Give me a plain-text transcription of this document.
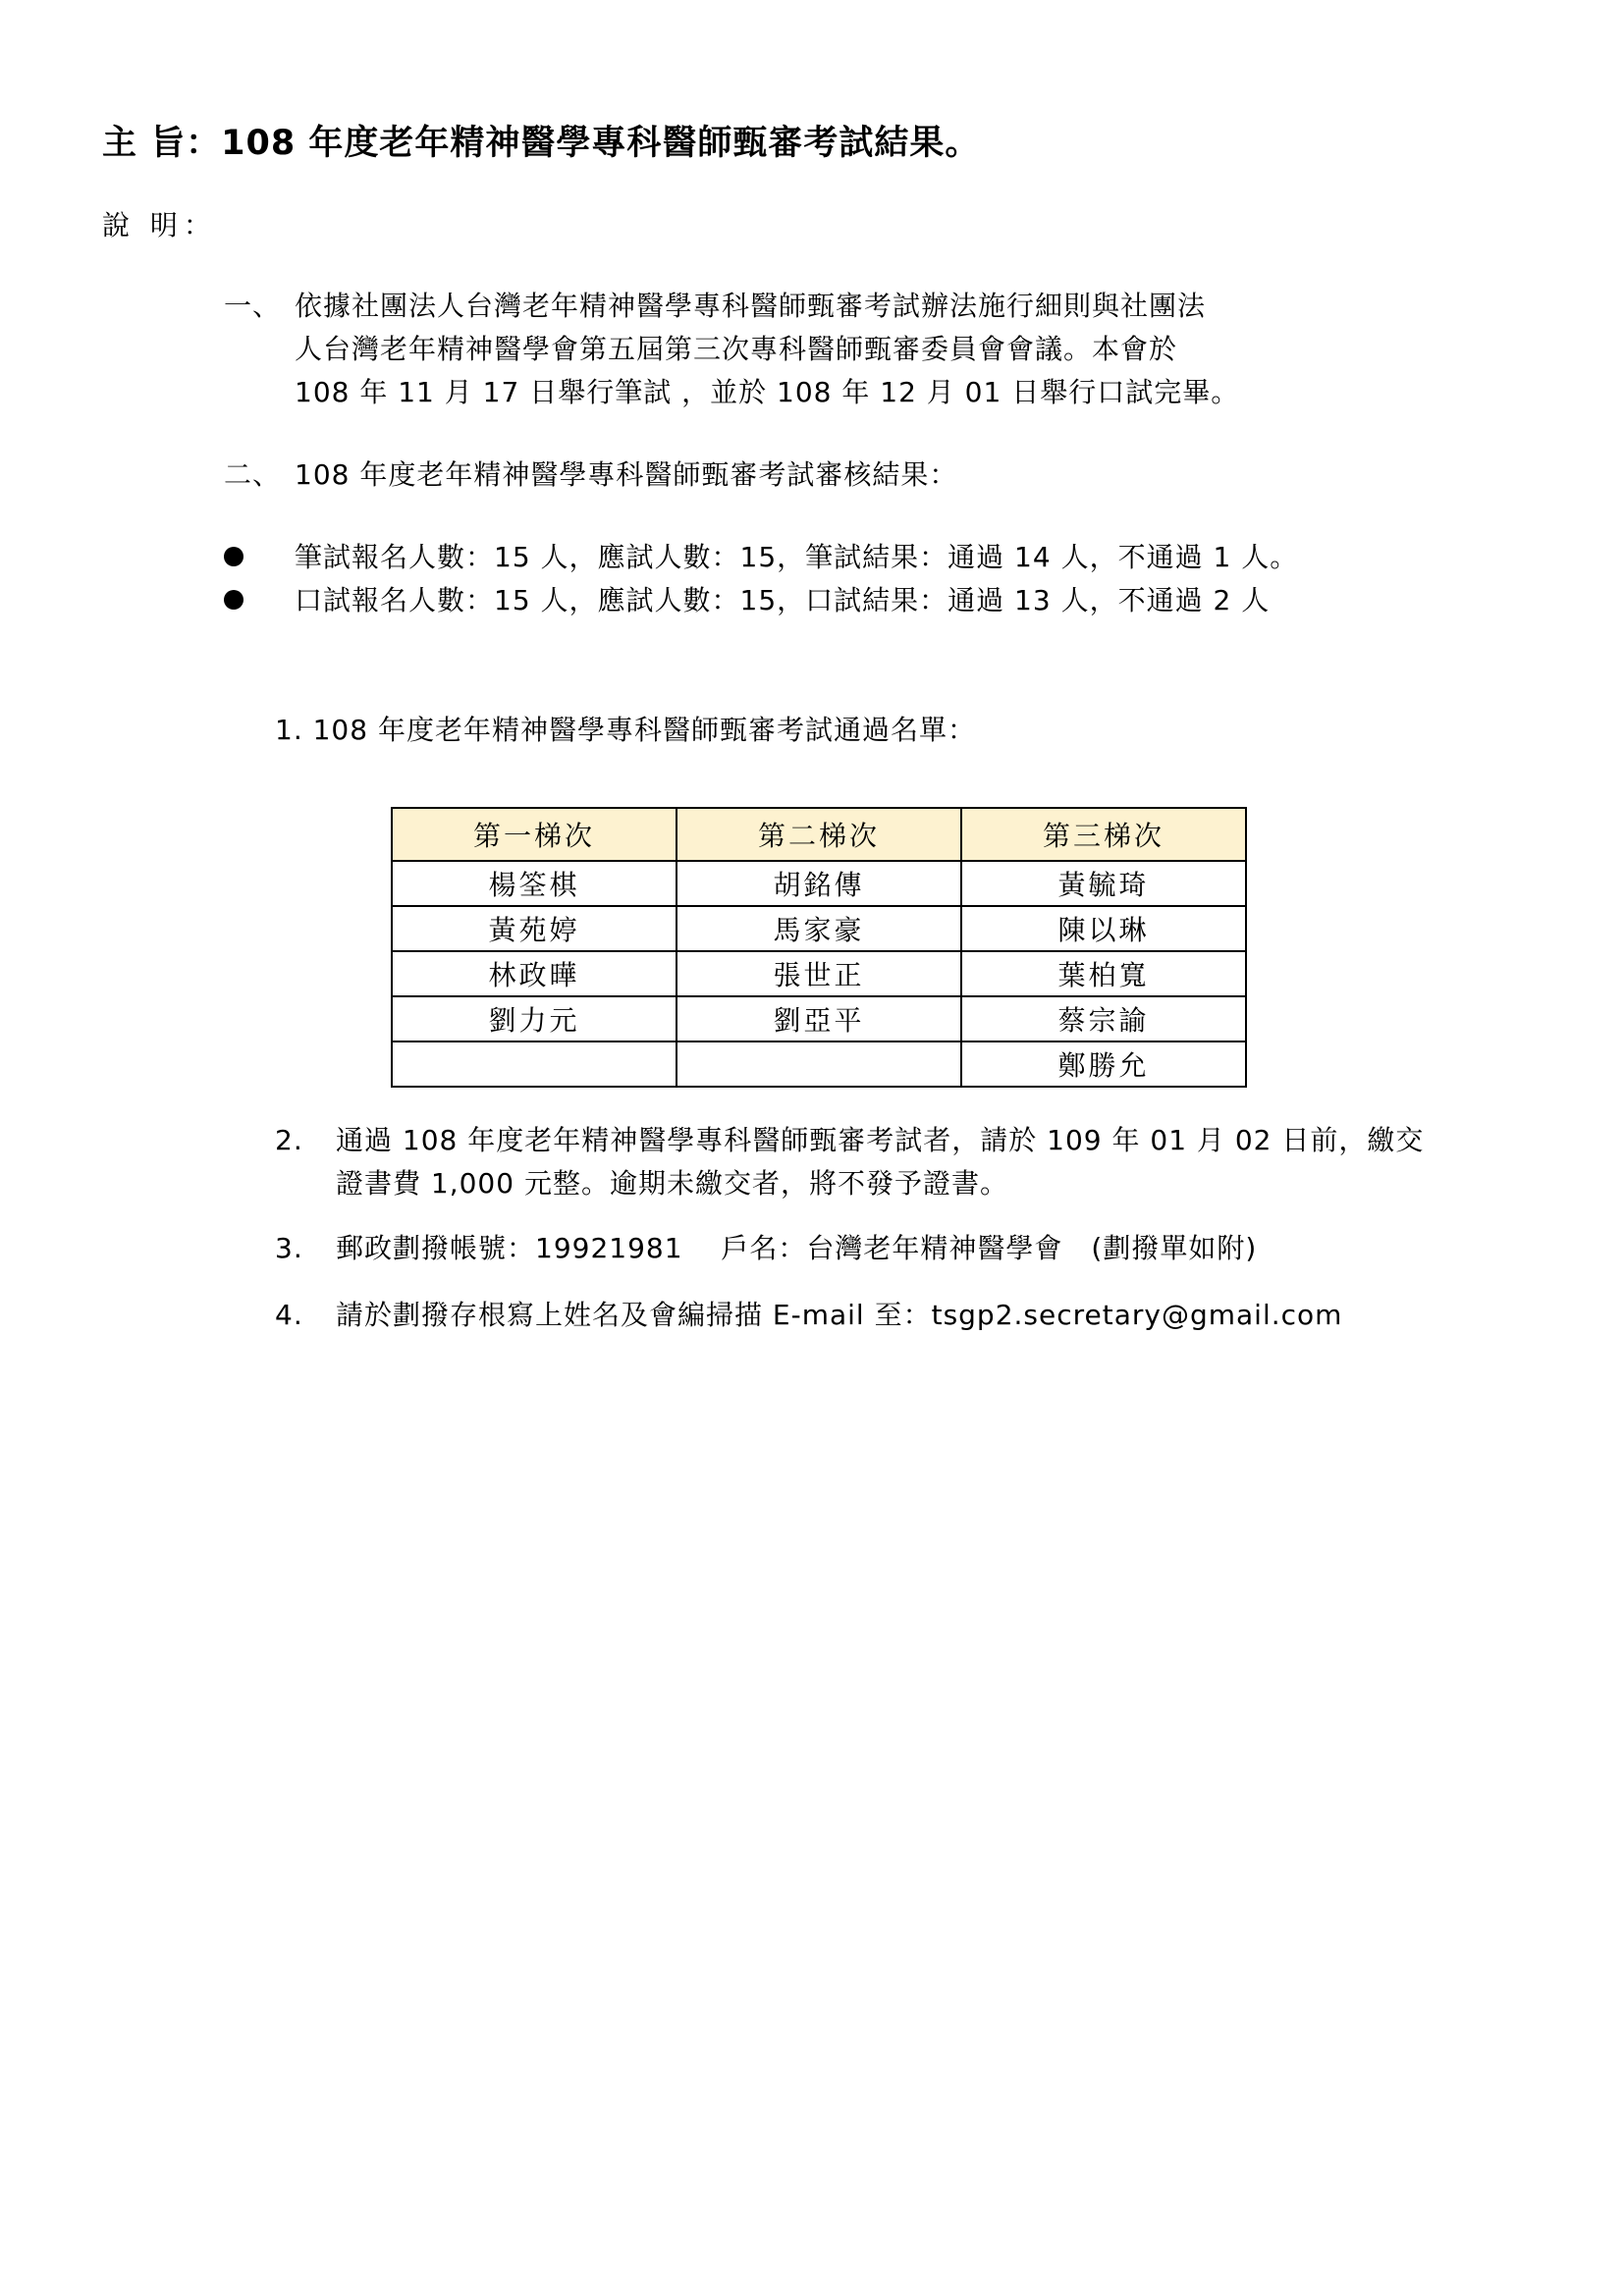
主 旨：108 年度老年精神醫學專科醫師甄審考試結果。
說 明：
一、 依據社團法人台灣老年精神醫學專科醫師甄審考試辦法施行細則與社團法
人台灣老年精神醫學會第五屆第三次專科醫師甄審委員會會議。本會於
108 年 11 月 17 日舉行筆試 ，並於 108 年 12 月 01 日舉行口試完畢。
二、 108 年度老年精神醫學專科醫師甄審考試審核結果：
筆試報名人數：15 人，應試人數：15，筆試結果：通過 14 人，不通過 1 人。
口試報名人數：15 人，應試人數：15，口試結果：通過 13 人，不通過 2 人
1. 108 年度老年精神醫學專科醫師甄審考試通過名單：
第一梯次	第二梯次	第三梯次
楊筌棋	胡銘傳	黃毓琦
黃苑婷	馬家豪	陳以琳
林政曄	張世正	葉柏寬
劉力元	劉亞平	蔡宗諭
		鄭勝允
2. 通過 108 年度老年精神醫學專科醫師甄審考試者，請於 109 年 01 月 02 日前，繳交
證書費 1,000 元整。逾期未繳交者，將不發予證書。
3. 郵政劃撥帳號：19921981　 戶名：台灣老年精神醫學會　(劃撥單如附)
4. 請於劃撥存根寫上姓名及會編掃描 E-mail 至：tsgp2.secretary@gmail.com
